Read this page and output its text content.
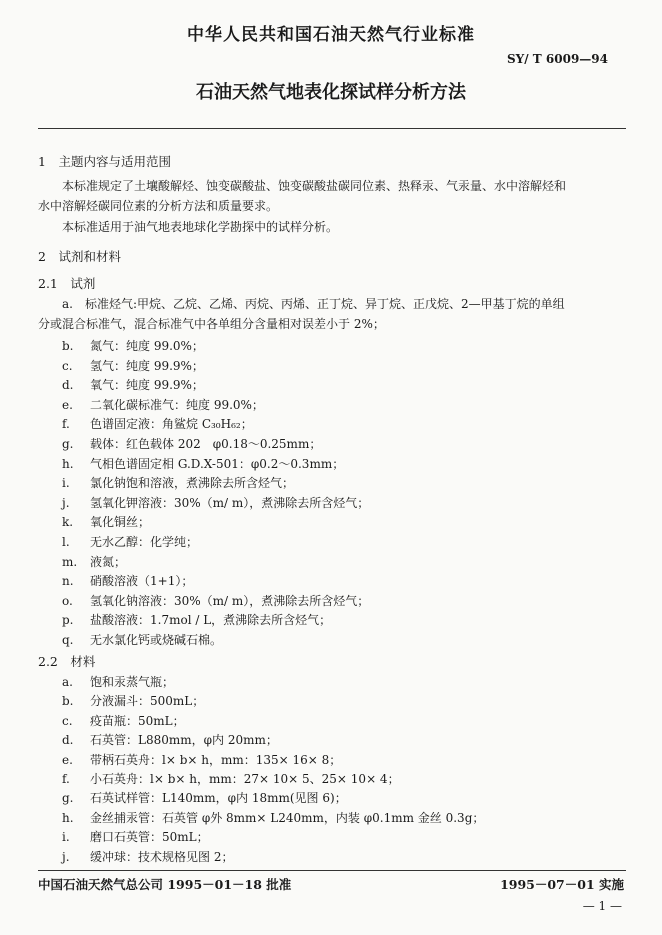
中华人民共和国石油天然气行业标准
SY/ T 6009—94
石油天然气地表化探试样分析方法
1　主题内容与适用范围
本标准规定了土壤酸解烃、蚀变碳酸盐、蚀变碳酸盐碳同位素、热释汞、气汞量、水中溶解烃和
水中溶解烃碳同位素的分析方法和质量要求。
本标准适用于油气地表地球化学勘探中的试样分析。
2　试剂和材料
2.1　试剂
a.　标准烃气:甲烷、乙烷、乙烯、丙烷、丙烯、正丁烷、异丁烷、正戊烷、2—甲基丁烷的单组
分或混合标准气，混合标准气中各单组分含量相对误差小于 2%；
b. 氮气：纯度 99.0%；
c. 氢气：纯度 99.9%；
d. 氧气：纯度 99.9%；
e. 二氧化碳标准气：纯度 99.0%；
f. 色谱固定液：角鲨烷 C₃₀H₆₂；
g. 载体：红色载体 202　φ0.18～0.25mm；
h. 气相色谱固定相 G.D.X-501：φ0.2～0.3mm；
i. 氯化钠饱和溶液，煮沸除去所含烃气；
j. 氢氧化钾溶液：30%（m/ m），煮沸除去所含烃气；
k. 氧化铜丝；
l. 无水乙醇：化学纯；
m. 液氮；
n. 硝酸溶液（1+1）；
o. 氢氧化钠溶液：30%（m/ m），煮沸除去所含烃气；
p. 盐酸溶液：1.7mol / L，煮沸除去所含烃气；
q. 无水氯化钙或烧碱石棉。
2.2　材料
a. 饱和汞蒸气瓶；
b. 分液漏斗：500mL；
c. 疫苗瓶：50mL；
d. 石英管：L880mm，φ内 20mm；
e. 带柄石英舟：l× b× h，mm：135× 16× 8；
f. 小石英舟：l× b× h，mm：27× 10× 5、25× 10× 4；
g. 石英试样管：L140mm，φ内 18mm(见图 6)；
h. 金丝捕汞管：石英管 φ外 8mm× L240mm，内装 φ0.1mm 金丝 0.3g；
i. 磨口石英管：50mL；
j. 缓冲球：技术规格见图 2；
中国石油天然气总公司 1995－01－18 批准	1995－07－01 实施
— 1 —
